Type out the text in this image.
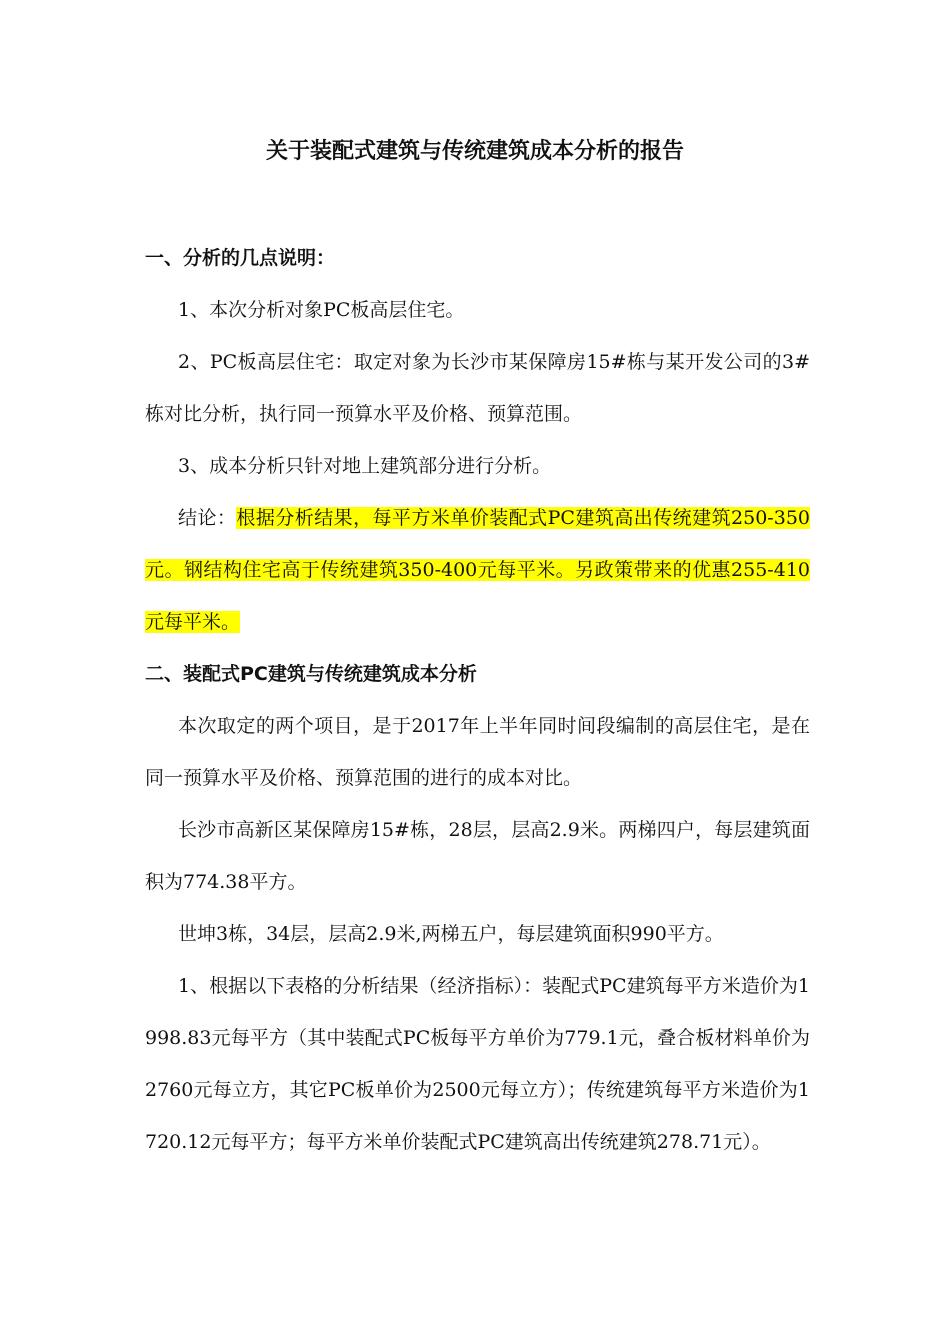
关于装配式建筑与传统建筑成本分析的报告

一、分析的几点说明：

1、本次分析对象PC板高层住宅。

2、PC板高层住宅：取定对象为长沙市某保障房15#栋与某开发公司的3#栋对比分析，执行同一预算水平及价格、预算范围。

3、成本分析只针对地上建筑部分进行分析。

结论：根据分析结果，每平方米单价装配式PC建筑高出传统建筑250-350元。钢结构住宅高于传统建筑350-400元每平米。另政策带来的优惠255-410元每平米。

二、装配式PC建筑与传统建筑成本分析

本次取定的两个项目，是于2017年上半年同时间段编制的高层住宅，是在同一预算水平及价格、预算范围的进行的成本对比。

长沙市高新区某保障房15#栋，28层，层高2.9米。两梯四户，每层建筑面积为774.38平方。

世坤3栋，34层，层高2.9米,两梯五户，每层建筑面积990平方。

1、根据以下表格的分析结果（经济指标）：装配式PC建筑每平方米造价为1998.83元每平方（其中装配式PC板每平方单价为779.1元，叠合板材料单价为2760元每立方，其它PC板单价为2500元每立方）；传统建筑每平方米造价为1720.12元每平方；每平方米单价装配式PC建筑高出传统建筑278.71元）。
